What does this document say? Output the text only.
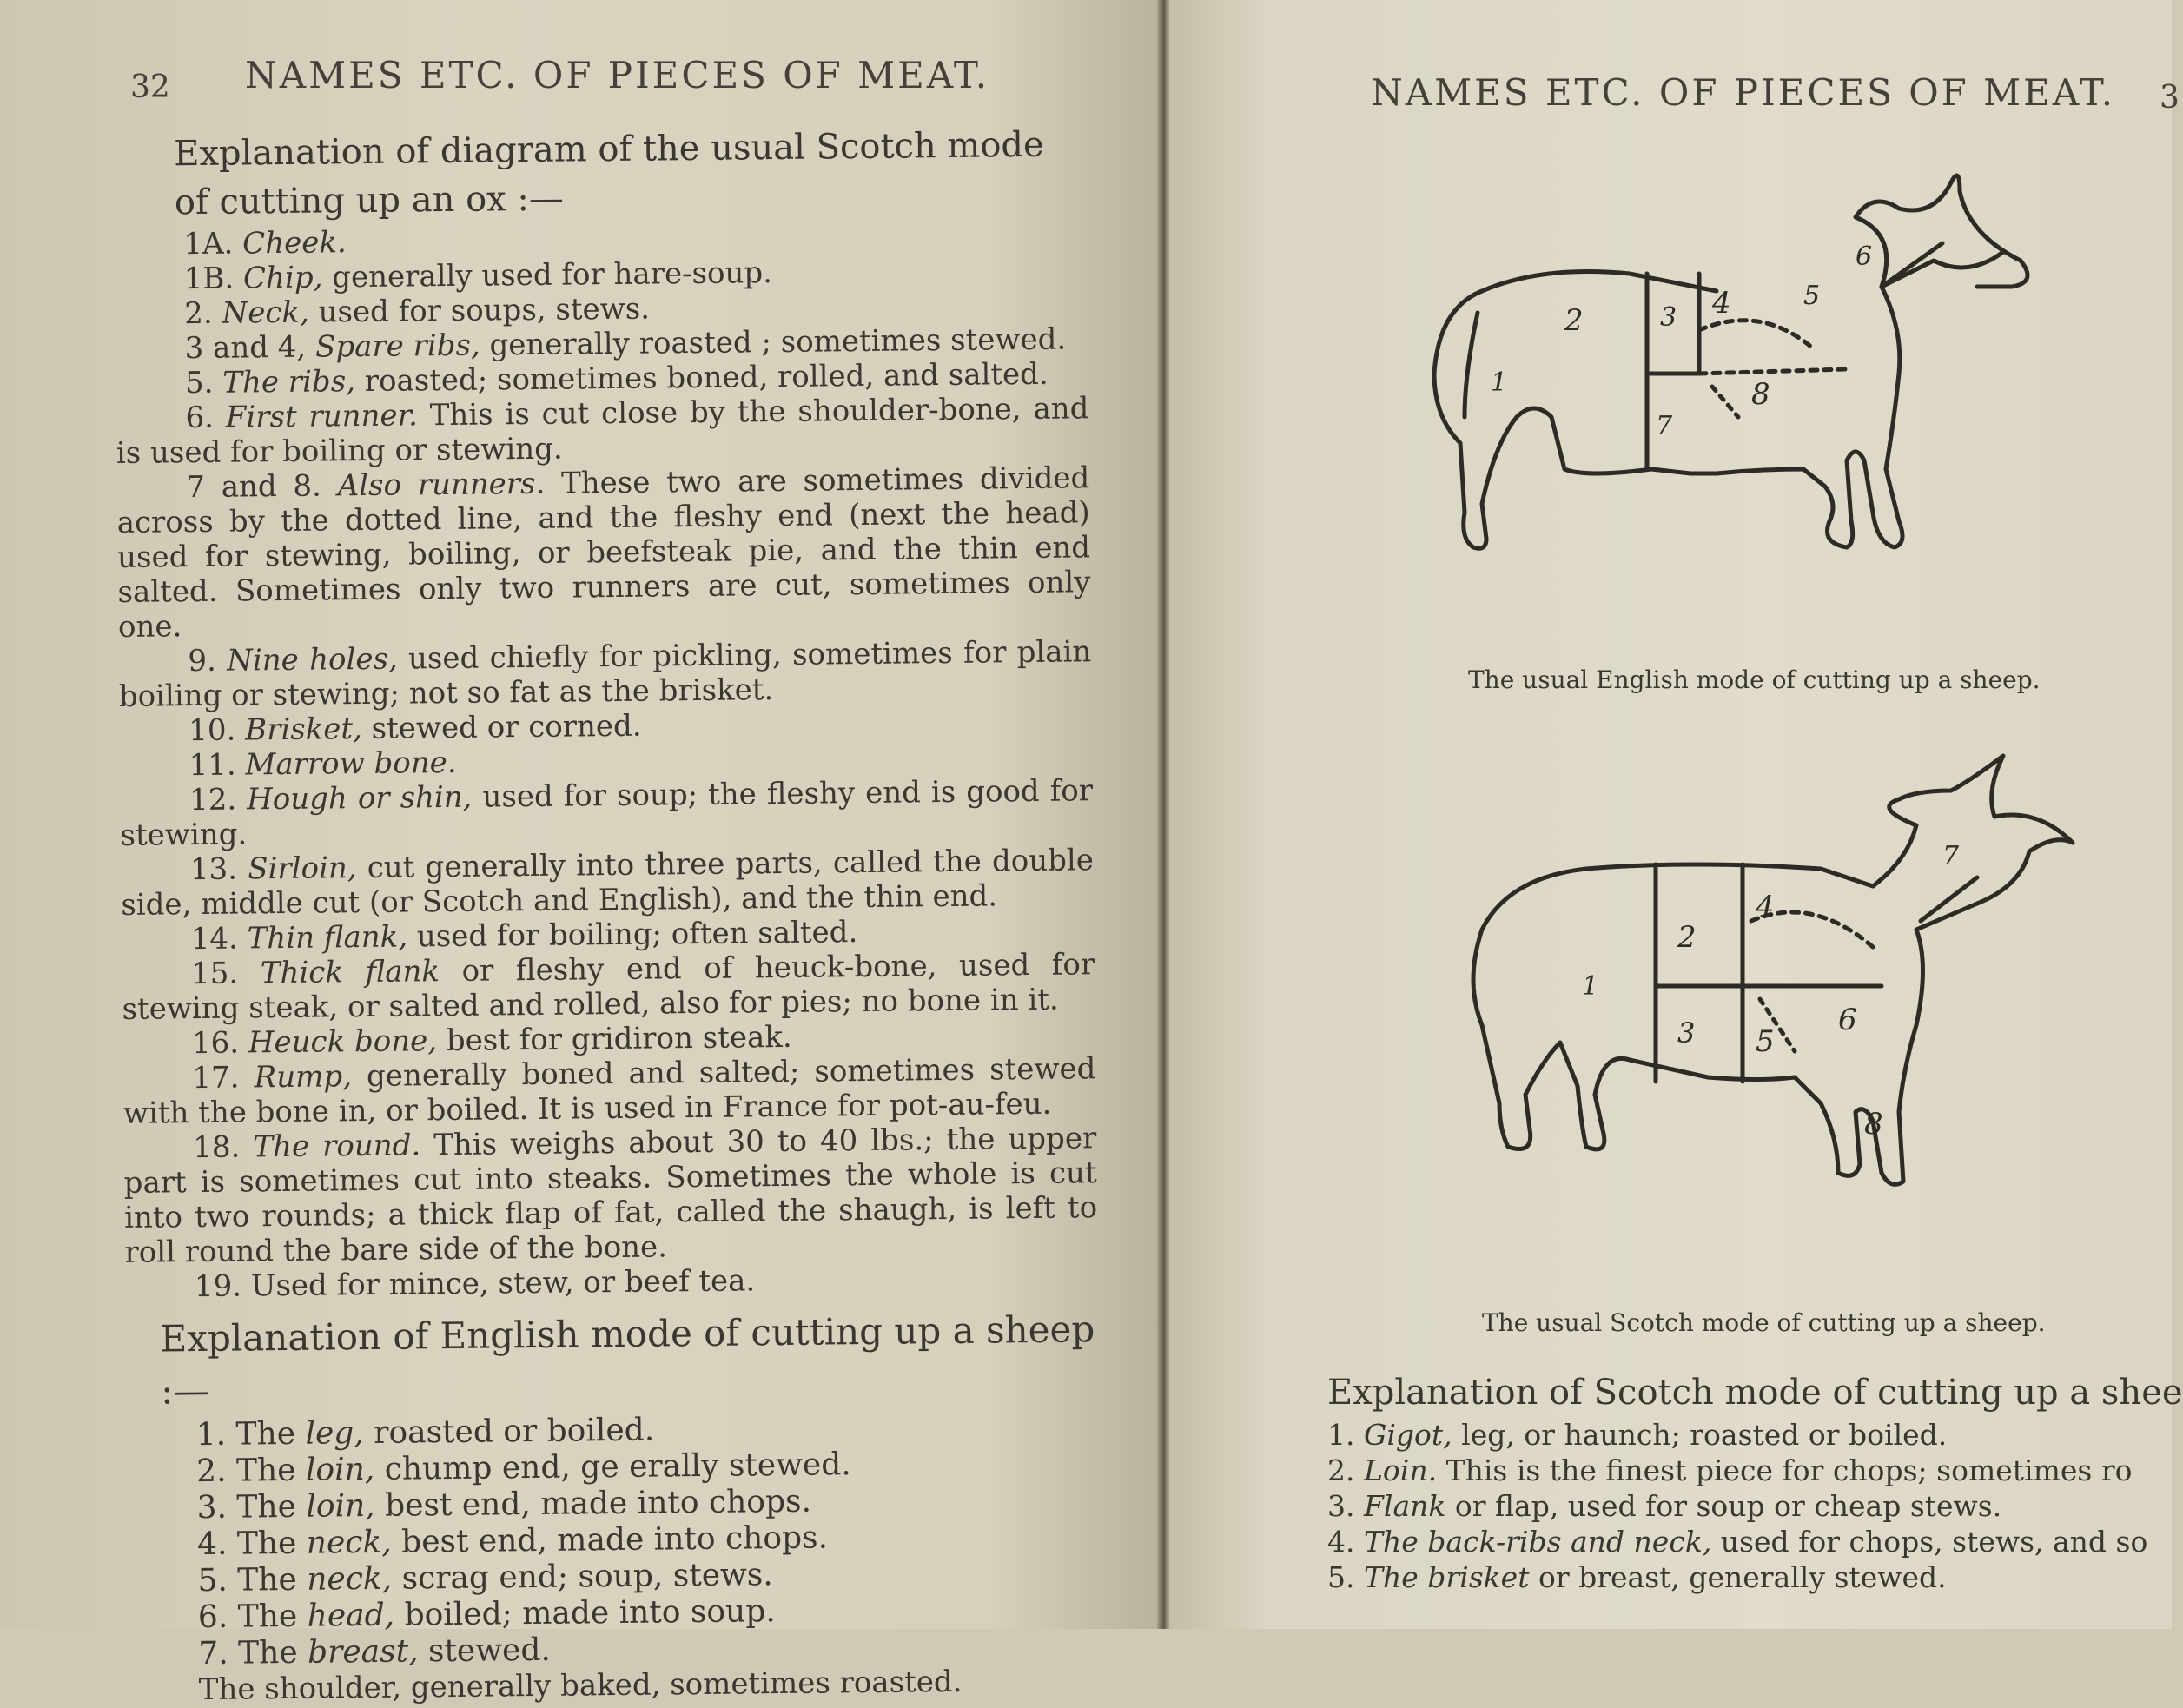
32 NAMES ETC. OF PIECES OF MEAT.

Explanation of diagram of the usual Scotch mode of cutting up an ox :—

1A. Cheek.

1B. Chip, generally used for hare-soup.

2. Neck, used for soups, stews.

3 and 4, Spare ribs, generally roasted ; sometimes stewed.

5. The ribs, roasted; sometimes boned, rolled, and salted.

6. First runner. This is cut close by the shoulder-bone, and is used for boiling or stewing.

7 and 8. Also runners. These two are sometimes divided across by the dotted line, and the fleshy end (next the head) used for stewing, boiling, or beefsteak pie, and the thin end salted. Sometimes only two runners are cut, sometimes only one.

9. Nine holes, used chiefly for pickling, sometimes for plain boiling or stewing; not so fat as the brisket.

10. Brisket, stewed or corned.

11. Marrow bone.

12. Hough or shin, used for soup; the fleshy end is good for stewing.

13. Sirloin, cut generally into three parts, called the double side, middle cut (or Scotch and English), and the thin end.

14. Thin flank, used for boiling; often salted.

15. Thick flank or fleshy end of heuck-bone, used for stewing steak, or salted and rolled, also for pies; no bone in it.

16. Heuck bone, best for gridiron steak.

17. Rump, generally boned and salted; sometimes stewed with the bone in, or boiled. It is used in France for pot-au-feu.

18. The round. This weighs about 30 to 40 lbs.; the upper part is sometimes cut into steaks. Sometimes the whole is cut into two rounds; a thick flap of fat, called the shaugh, is left to roll round the bare side of the bone.

19. Used for mince, stew, or beef tea.

Explanation of English mode of cutting up a sheep :—

1. The leg, roasted or boiled.

2. The loin, chump end, ge erally stewed.

3. The loin, best end, made into chops.

4. The neck, best end, made into chops.

5. The neck, scrag end; soup, stews.

6. The head, boiled; made into soup.

7. The breast, stewed.

The shoulder, generally baked, sometimes roasted.

NAMES ETC. OF PIECES OF MEAT. 3
1
2	3 4	5
6
7
8
The usual English mode of cutting up a sheep.
1
2
3
4
5
6
7
8
The usual Scotch mode of cutting up a sheep.

Explanation of Scotch mode of cutting up a shee

1. Gigot, leg, or haunch; roasted or boiled.

2. Loin. This is the finest piece for chops; sometimes ro

3. Flank or flap, used for soup or cheap stews.

4. The back-ribs and neck, used for chops, stews, and so

5. The brisket or breast, generally stewed.
